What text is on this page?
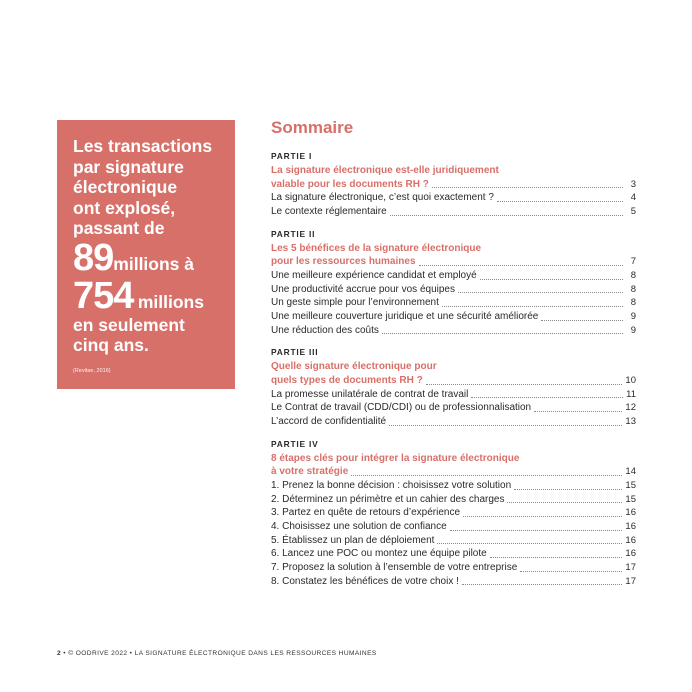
Les transactions
par signature
électronique
ont explosé,
passant de
89millions à
754 millions
en seulement
cinq ans.
(Revitae, 2016)
Sommaire
PARTIE I
La signature électronique est-elle juridiquement
valable pour les documents RH ?	3
La signature électronique, c’est quoi exactement ?	4
Le contexte réglementaire	5
PARTIE II
Les 5 bénéfices de la signature électronique
pour les ressources humaines	7
Une meilleure expérience candidat et employé	8
Une productivité accrue pour vos équipes	8
Un geste simple pour l’environnement	8
Une meilleure couverture juridique et une sécurité améliorée	9
Une réduction des coûts	9
PARTIE III
Quelle signature électronique pour
quels types de documents RH ?	10
La promesse unilatérale de contrat de travail	11
Le Contrat de travail (CDD/CDI) ou de professionnalisation	12
L’accord de confidentialité	13
PARTIE IV
8 étapes clés pour intégrer la signature électronique
à votre stratégie	14
1. Prenez la bonne décision : choisissez votre solution	15
2. Déterminez un périmètre et un cahier des charges	15
3. Partez en quête de retours d’expérience	16
4. Choisissez une solution de confiance	16
5. Établissez un plan de déploiement	16
6. Lancez une POC ou montez une équipe pilote	16
7. Proposez la solution à l’ensemble de votre entreprise	17
8. Constatez les bénéfices de votre choix !	17
2 • © OODRIVE 2022 • LA SIGNATURE ÉLECTRONIQUE DANS LES RESSOURCES HUMAINES
